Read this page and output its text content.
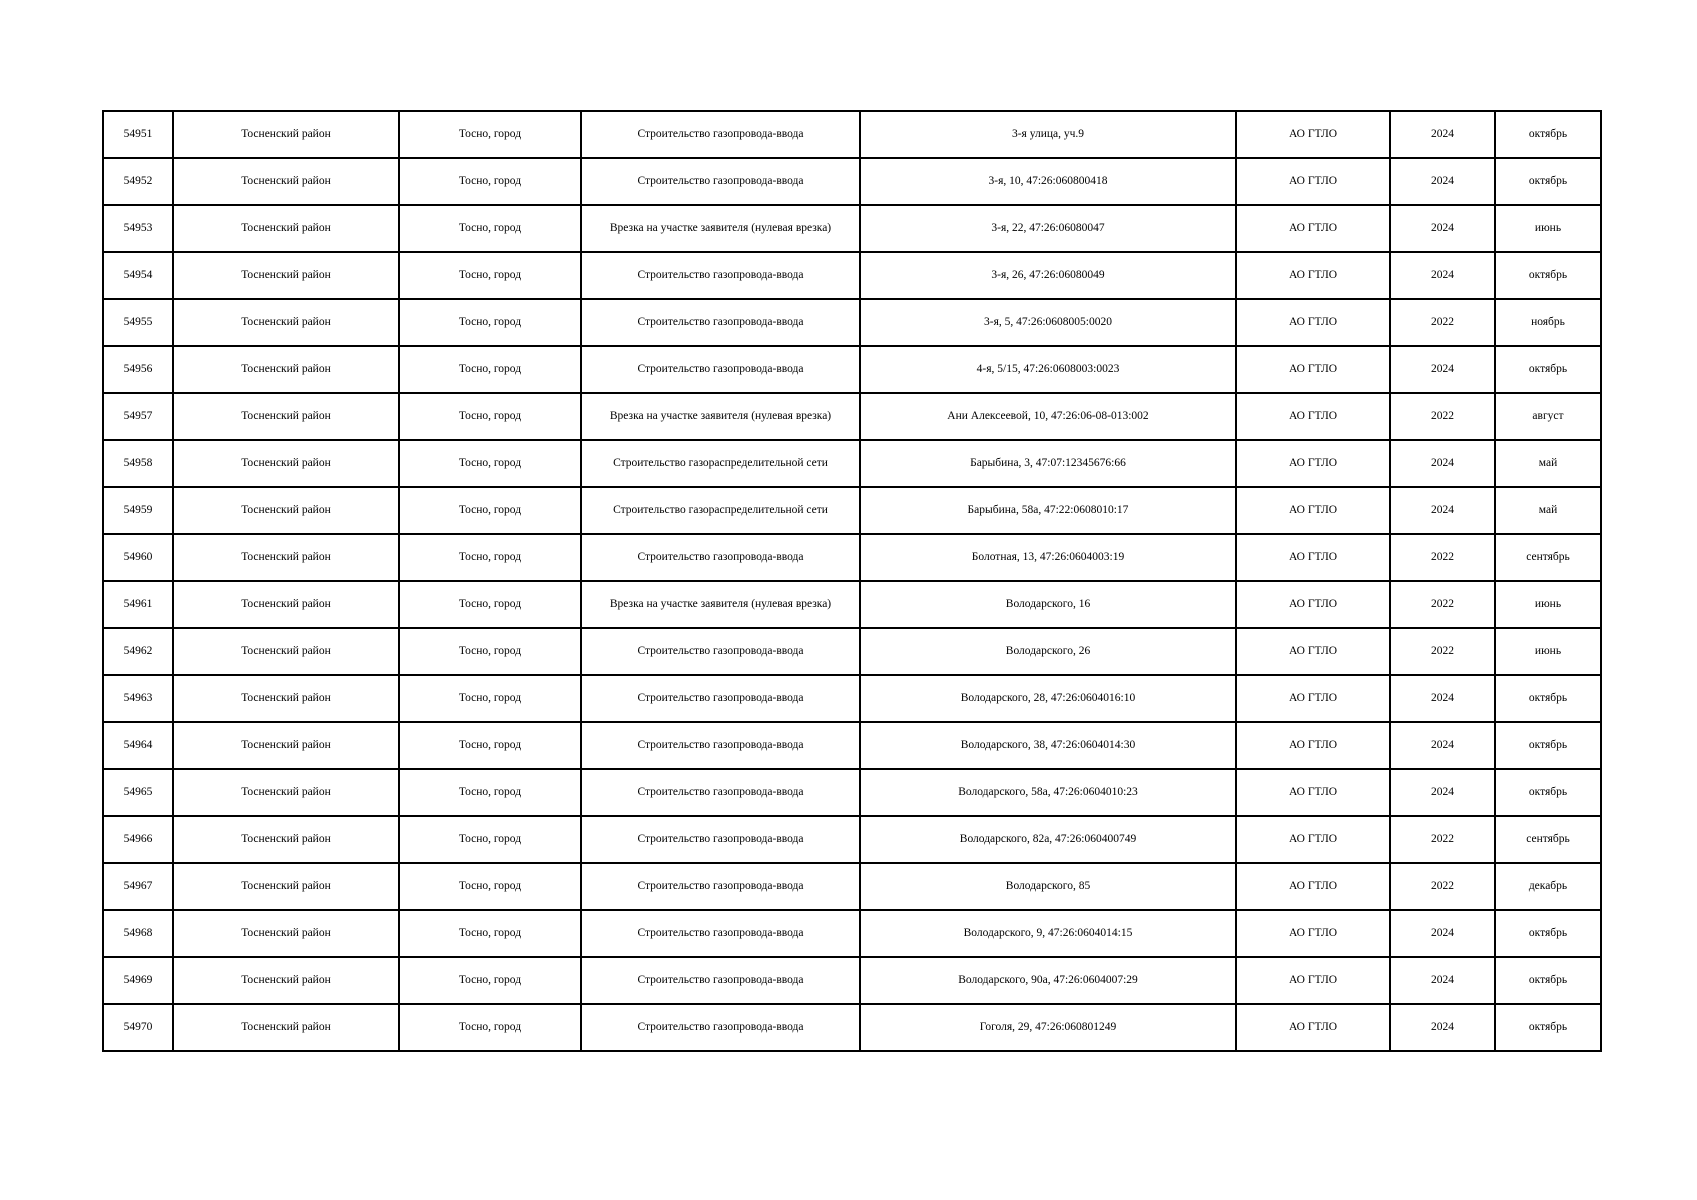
54951	Тосненский район	Тосно, город	Строительство газопровода-ввода	3-я улица, уч.9	АО ГТЛО	2024	октябрь
54952	Тосненский район	Тосно, город	Строительство газопровода-ввода	3-я, 10, 47:26:060800418	АО ГТЛО	2024	октябрь
54953	Тосненский район	Тосно, город	Врезка на участке заявителя (нулевая врезка)	3-я, 22, 47:26:06080047	АО ГТЛО	2024	июнь
54954	Тосненский район	Тосно, город	Строительство газопровода-ввода	3-я, 26, 47:26:06080049	АО ГТЛО	2024	октябрь
54955	Тосненский район	Тосно, город	Строительство газопровода-ввода	3-я, 5, 47:26:0608005:0020	АО ГТЛО	2022	ноябрь
54956	Тосненский район	Тосно, город	Строительство газопровода-ввода	4-я, 5/15, 47:26:0608003:0023	АО ГТЛО	2024	октябрь
54957	Тосненский район	Тосно, город	Врезка на участке заявителя (нулевая врезка)	Ани Алексеевой, 10, 47:26:06-08-013:002	АО ГТЛО	2022	август
54958	Тосненский район	Тосно, город	Строительство газораспределительной сети	Барыбина, 3, 47:07:12345676:66	АО ГТЛО	2024	май
54959	Тосненский район	Тосно, город	Строительство газораспределительной сети	Барыбина, 58а, 47:22:0608010:17	АО ГТЛО	2024	май
54960	Тосненский район	Тосно, город	Строительство газопровода-ввода	Болотная, 13, 47:26:0604003:19	АО ГТЛО	2022	сентябрь
54961	Тосненский район	Тосно, город	Врезка на участке заявителя (нулевая врезка)	Володарского, 16	АО ГТЛО	2022	июнь
54962	Тосненский район	Тосно, город	Строительство газопровода-ввода	Володарского, 26	АО ГТЛО	2022	июнь
54963	Тосненский район	Тосно, город	Строительство газопровода-ввода	Володарского, 28, 47:26:0604016:10	АО ГТЛО	2024	октябрь
54964	Тосненский район	Тосно, город	Строительство газопровода-ввода	Володарского, 38, 47:26:0604014:30	АО ГТЛО	2024	октябрь
54965	Тосненский район	Тосно, город	Строительство газопровода-ввода	Володарского, 58а, 47:26:0604010:23	АО ГТЛО	2024	октябрь
54966	Тосненский район	Тосно, город	Строительство газопровода-ввода	Володарского, 82а, 47:26:060400749	АО ГТЛО	2022	сентябрь
54967	Тосненский район	Тосно, город	Строительство газопровода-ввода	Володарского, 85	АО ГТЛО	2022	декабрь
54968	Тосненский район	Тосно, город	Строительство газопровода-ввода	Володарского, 9, 47:26:0604014:15	АО ГТЛО	2024	октябрь
54969	Тосненский район	Тосно, город	Строительство газопровода-ввода	Володарского, 90а, 47:26:0604007:29	АО ГТЛО	2024	октябрь
54970	Тосненский район	Тосно, город	Строительство газопровода-ввода	Гоголя, 29, 47:26:060801249	АО ГТЛО	2024	октябрь
